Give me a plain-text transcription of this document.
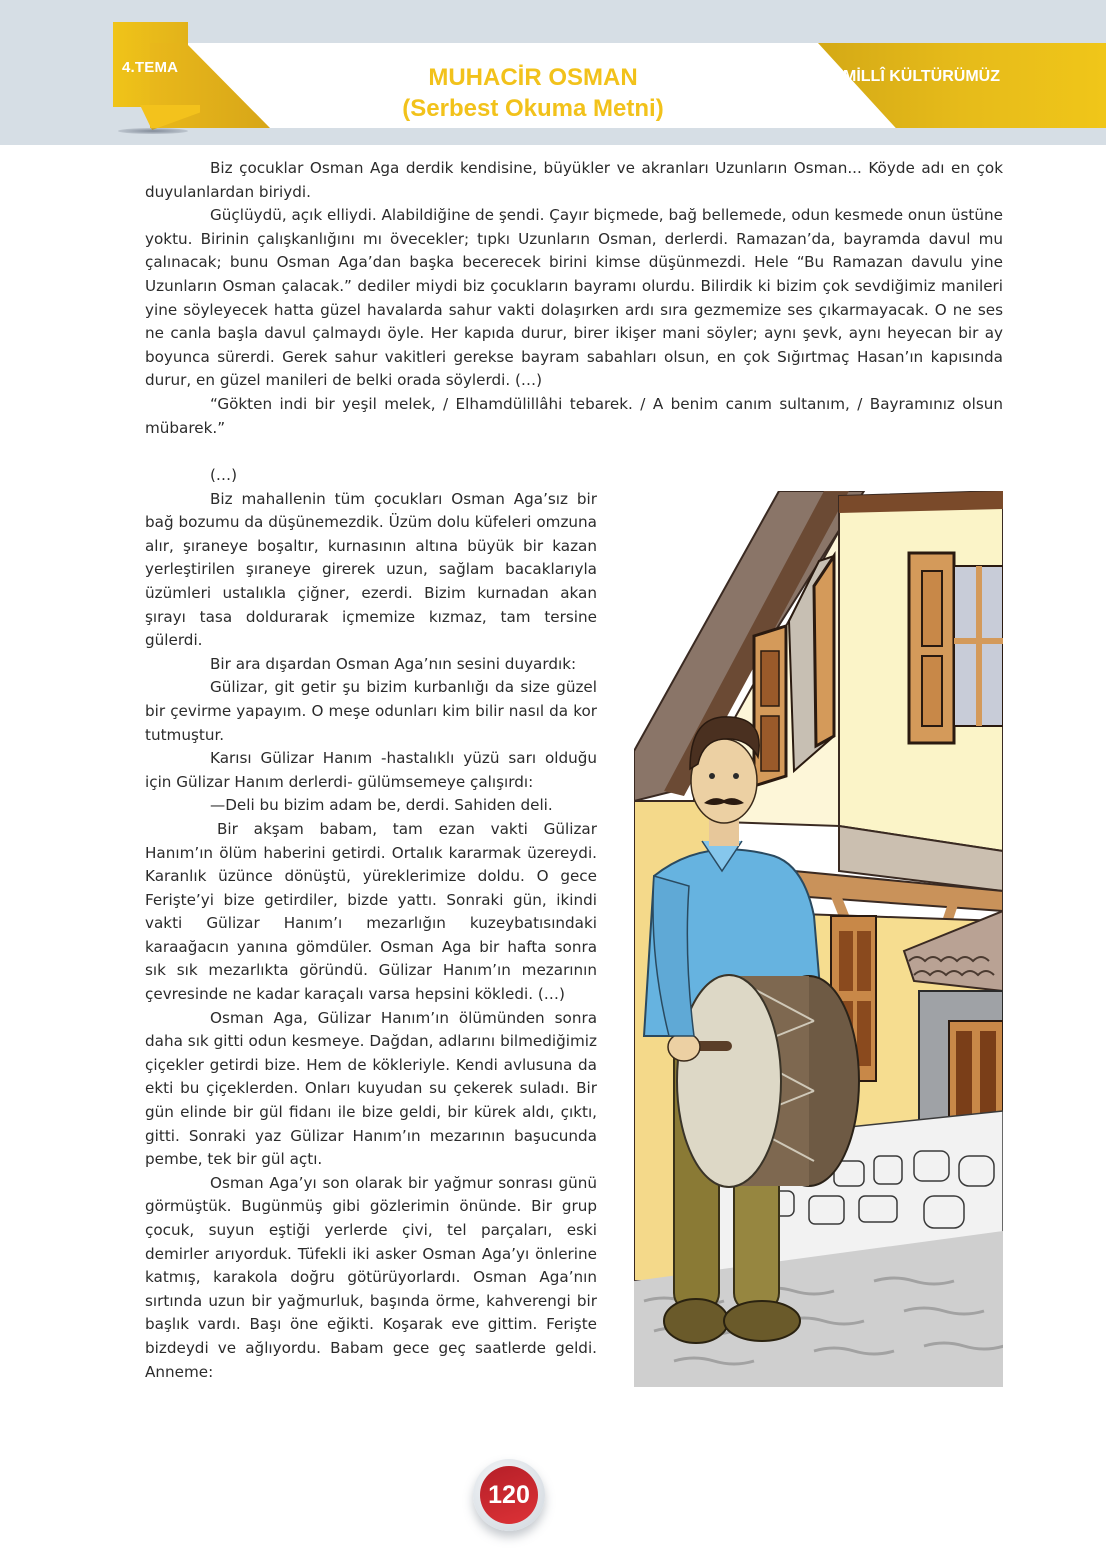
4.TEMA	MUHACİR OSMAN
(Serbest Okuma Metni)
MİLLÎ KÜLTÜRÜMÜZ

Biz çocuklar Osman Aga derdik kendisine, büyükler ve akranları Uzunların Osman... Köyde adı en çok duyulanlardan biriydi.

Güçlüydü, açık elliydi. Alabildiğine de şendi. Çayır biçmede, bağ bellemede, odun kesmede onun üstüne yoktu. Birinin çalışkanlığını mı övecekler; tıpkı Uzunların Osman, derlerdi. Ramazan’da, bayramda davul mu çalınacak; bunu Osman Aga’dan başka becerecek birini kimse düşünmezdi. Hele “Bu Ramazan davulu yine Uzunların Osman çalacak.” dediler miydi biz çocukların bayramı olurdu. Bilirdik ki bizim çok sevdiğimiz manileri yine söyleyecek hatta güzel havalarda sahur vakti dolaşırken ardı sıra gezmemize ses çıkarmayacak. O ne ses ne canla başla davul çalmaydı öyle. Her kapıda durur, birer ikişer mani söyler; aynı şevk, aynı heyecan bir ay boyunca sürerdi. Gerek sahur vakitleri gerekse bayram sabahları olsun, en çok Sığırtmaç Hasan’ın kapısında durur, en güzel manileri de belki orada söylerdi. (…)

“Gökten indi bir yeşil melek, / Elhamdülillâhi tebarek. / A benim canım sultanım, / Bayramınız olsun mübarek.”

(…)

Biz mahallenin tüm çocukları Osman Aga’sız bir bağ bozumu da düşünemezdik. Üzüm dolu küfeleri omzuna alır, şıraneye boşaltır, kurnasının altına büyük bir kazan yerleştirilen şıraneye girerek uzun, sağlam bacaklarıyla üzümleri ustalıkla çiğner, ezerdi. Bizim kurnadan akan şırayı tasa doldurarak içmemize kızmaz, tam tersine gülerdi.

Bir ara dışardan Osman Aga’nın sesini duyardık:

Gülizar, git getir şu bizim kurbanlığı da size güzel bir çevirme yapayım. O meşe odunları kim bilir nasıl da kor tutmuştur.

Karısı Gülizar Hanım -hastalıklı yüzü sarı olduğu için Gülizar Hanım derlerdi- gülümsemeye çalışırdı:

—Deli bu bizim adam be, derdi. Sahiden deli.

Bir akşam babam, tam ezan vakti Gülizar Hanım’ın ölüm haberini getirdi. Ortalık kararmak üzereydi. Karanlık üzünce dönüştü, yüreklerimize doldu. O gece Ferişte’yi bize getirdiler, bizde yattı. Sonraki gün, ikindi vakti Gülizar Hanım’ı mezarlığın kuzeybatısındaki karaağacın yanına gömdüler. Osman Aga bir hafta sonra sık sık mezarlıkta göründü. Gülizar Hanım’ın mezarının çevresinde ne kadar karaçalı varsa hepsini kökledi. (…)

Osman Aga, Gülizar Hanım’ın ölümünden sonra daha sık gitti odun kesmeye. Dağdan, adlarını bilmediğimiz çiçekler getirdi bize. Hem de kökleriyle. Kendi avlusuna da ekti bu çiçeklerden. Onları kuyudan su çekerek suladı. Bir gün elinde bir gül fidanı ile bize geldi, bir kürek aldı, çıktı, gitti. Sonraki yaz Gülizar Hanım’ın mezarının başucunda pembe, tek bir gül açtı.

Osman Aga’yı son olarak bir yağmur sonrası günü görmüştük. Bugünmüş gibi gözlerimin önünde. Bir grup çocuk, suyun eştiği yerlerde çivi, tel parçaları, eski demirler arıyorduk. Tüfekli iki asker Osman Aga’yı önlerine katmış, karakola doğru götürüyorlardı. Osman Aga’nın sırtında uzun bir yağmurluk, başında örme, kahverengi bir başlık vardı. Başı öne eğikti. Koşarak eve gittim. Ferişte bizdeydi ve ağlıyordu. Babam gece geç saatlerde geldi. Anneme:

120
